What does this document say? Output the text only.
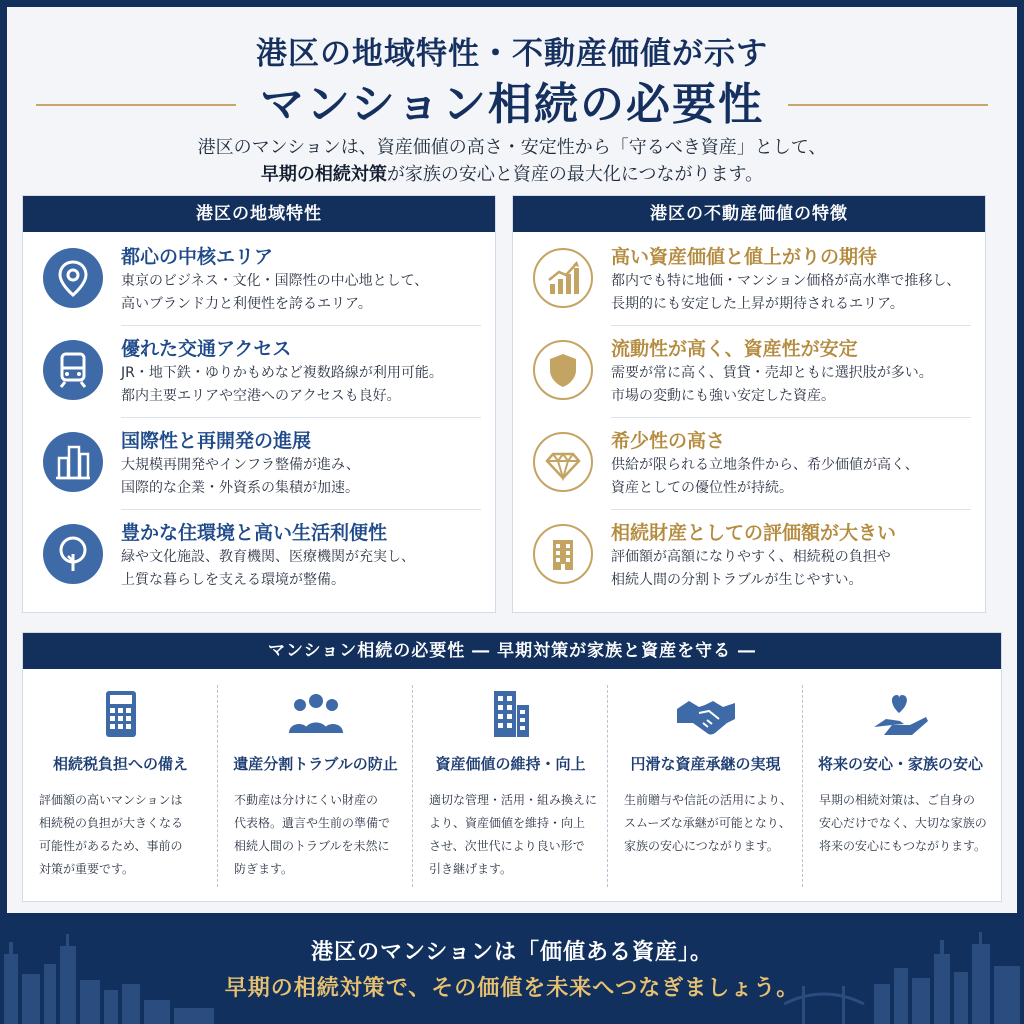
港区の地域特性・不動産価値が示す
マンション相続の必要性
港区のマンションは、資産価値の高さ・安定性から「守るべき資産」として、
早期の相続対策が家族の安心と資産の最大化につながります。
港区の地域特性
都心の中核エリア
東京のビジネス・文化・国際性の中心地として、
高いブランド力と利便性を誇るエリア。
優れた交通アクセス
JR・地下鉄・ゆりかもめなど複数路線が利用可能。
都内主要エリアや空港へのアクセスも良好。
国際性と再開発の進展
大規模再開発やインフラ整備が進み、
国際的な企業・外資系の集積が加速。
豊かな住環境と高い生活利便性
緑や文化施設、教育機関、医療機関が充実し、
上質な暮らしを支える環境が整備。
港区の不動産価値の特徴
高い資産価値と値上がりの期待
都内でも特に地価・マンション価格が高水準で推移し、
長期的にも安定した上昇が期待されるエリア。
流動性が高く、資産性が安定
需要が常に高く、賃貸・売却ともに選択肢が多い。
市場の変動にも強い安定した資産。
希少性の高さ
供給が限られる立地条件から、希少価値が高く、
資産としての優位性が持続。
相続財産としての評価額が大きい
評価額が高額になりやすく、相続税の負担や
相続人間の分割トラブルが生じやすい。
マンション相続の必要性 ― 早期対策が家族と資産を守る ―
相続税負担への備え
評価額の高いマンションは
相続税の負担が大きくなる
可能性があるため、事前の
対策が重要です。
遺産分割トラブルの防止
不動産は分けにくい財産の
代表格。遺言や生前の準備で
相続人間のトラブルを未然に
防ぎます。
資産価値の維持・向上
適切な管理・活用・組み換えに
より、資産価値を維持・向上
させ、次世代により良い形で
引き継げます。
円滑な資産承継の実現
生前贈与や信託の活用により、
スムーズな承継が可能となり、
家族の安心につながります。
将来の安心・家族の安心
早期の相続対策は、ご自身の
安心だけでなく、大切な家族の
将来の安心にもつながります。
港区のマンションは「価値ある資産」。
早期の相続対策で、その価値を未来へつなぎましょう。
